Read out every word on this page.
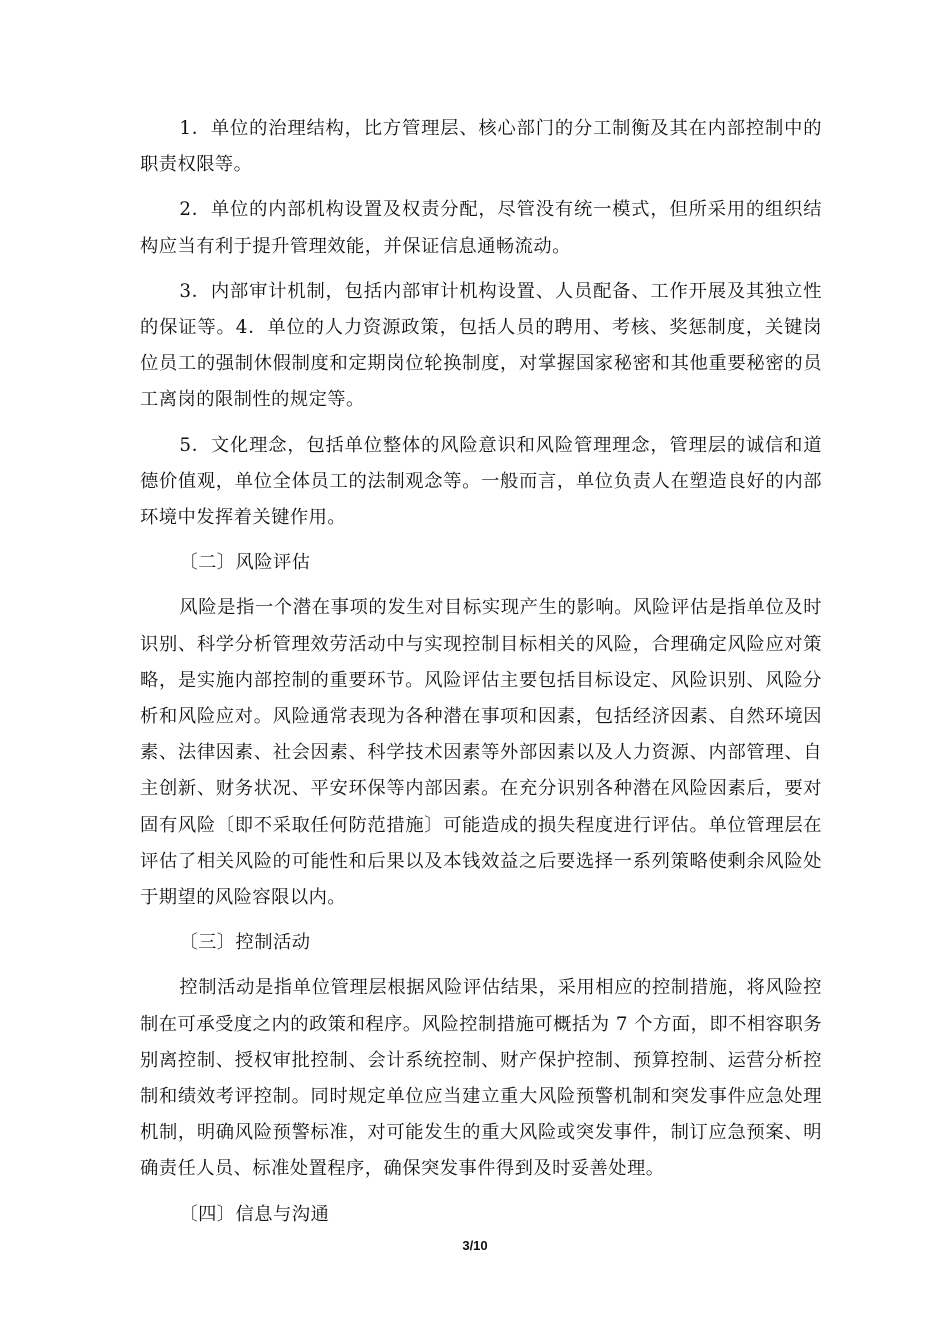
1．单位的治理结构，比方管理层、核心部门的分工制衡及其在内部控制中的职责权限等。

2．单位的内部机构设置及权责分配，尽管没有统一模式，但所采用的组织结构应当有利于提升管理效能，并保证信息通畅流动。

3．内部审计机制，包括内部审计机构设置、人员配备、工作开展及其独立性的保证等。4．单位的人力资源政策，包括人员的聘用、考核、奖惩制度，关键岗位员工的强制休假制度和定期岗位轮换制度，对掌握国家秘密和其他重要秘密的员工离岗的限制性的规定等。

5．文化理念，包括单位整体的风险意识和风险管理理念，管理层的诚信和道德价值观，单位全体员工的法制观念等。一般而言，单位负责人在塑造良好的内部环境中发挥着关键作用。

〔二〕风险评估

风险是指一个潜在事项的发生对目标实现产生的影响。风险评估是指单位及时识别、科学分析管理效劳活动中与实现控制目标相关的风险，合理确定风险应对策略，是实施内部控制的重要环节。风险评估主要包括目标设定、风险识别、风险分析和风险应对。风险通常表现为各种潜在事项和因素，包括经济因素、自然环境因素、法律因素、社会因素、科学技术因素等外部因素以及人力资源、内部管理、自主创新、财务状况、平安环保等内部因素。在充分识别各种潜在风险因素后，要对固有风险〔即不采取任何防范措施〕可能造成的损失程度进行评估。单位管理层在评估了相关风险的可能性和后果以及本钱效益之后要选择一系列策略使剩余风险处于期望的风险容限以内。

〔三〕控制活动

控制活动是指单位管理层根据风险评估结果，采用相应的控制措施，将风险控制在可承受度之内的政策和程序。风险控制措施可概括为 7 个方面，即不相容职务别离控制、授权审批控制、会计系统控制、财产保护控制、预算控制、运营分析控制和绩效考评控制。同时规定单位应当建立重大风险预警机制和突发事件应急处理机制，明确风险预警标准，对可能发生的重大风险或突发事件，制订应急预案、明确责任人员、标准处置程序，确保突发事件得到及时妥善处理。

〔四〕信息与沟通

3/10
